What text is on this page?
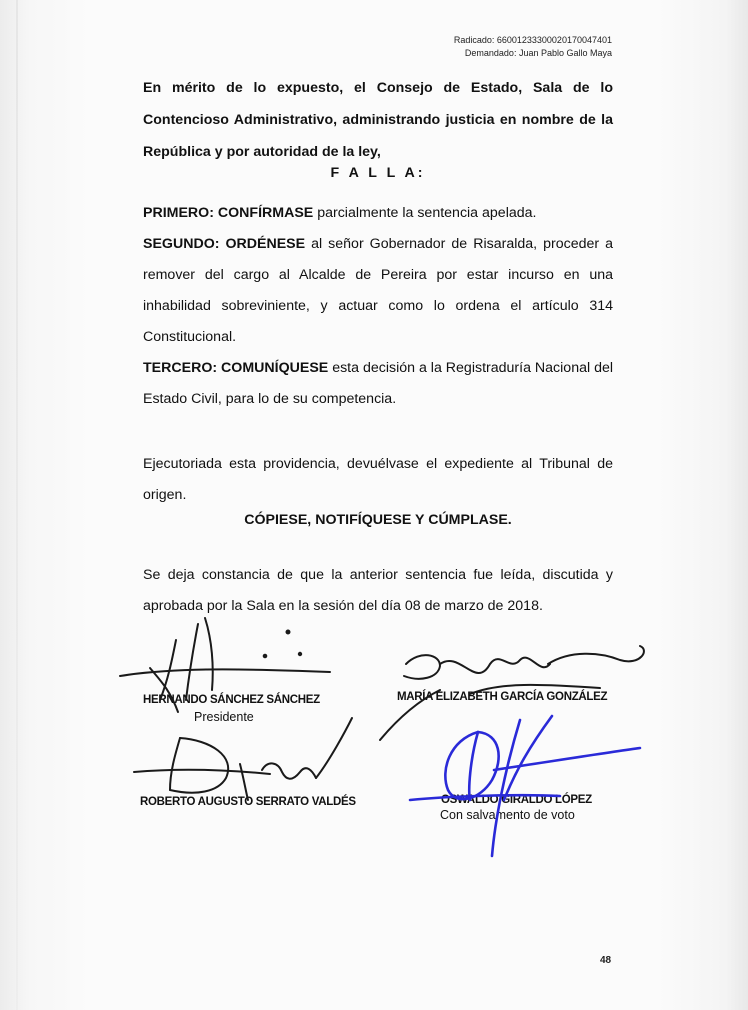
Radicado: 66001233300020170047401
Demandado: Juan Pablo Gallo Maya
En mérito de lo expuesto, el Consejo de Estado, Sala de lo Contencioso Administrativo, administrando justicia en nombre de la República y por autoridad de la ley,
F A L L A:
PRIMERO: CONFÍRMASE parcialmente la sentencia apelada.
SEGUNDO: ORDÉNESE al señor Gobernador de Risaralda, proceder a remover del cargo al Alcalde de Pereira por estar incurso en una inhabilidad sobreviniente, y actuar como lo ordena el artículo 314 Constitucional.
TERCERO: COMUNÍQUESE esta decisión a la Registraduría Nacional del Estado Civil, para lo de su competencia.
Ejecutoriada esta providencia, devuélvase el expediente al Tribunal de origen.
CÓPIESE, NOTIFÍQUESE Y CÚMPLASE.
Se deja constancia de que la anterior sentencia fue leída, discutida y aprobada por la Sala en la sesión del día 08 de marzo de 2018.
HERNANDO SÁNCHEZ SÁNCHEZ
Presidente
MARÍA ELIZABETH GARCÍA GONZÁLEZ
ROBERTO AUGUSTO SERRATO VALDÉS	OSWALDO GIRALDO LÓPEZ
Con salvamento de voto
48
